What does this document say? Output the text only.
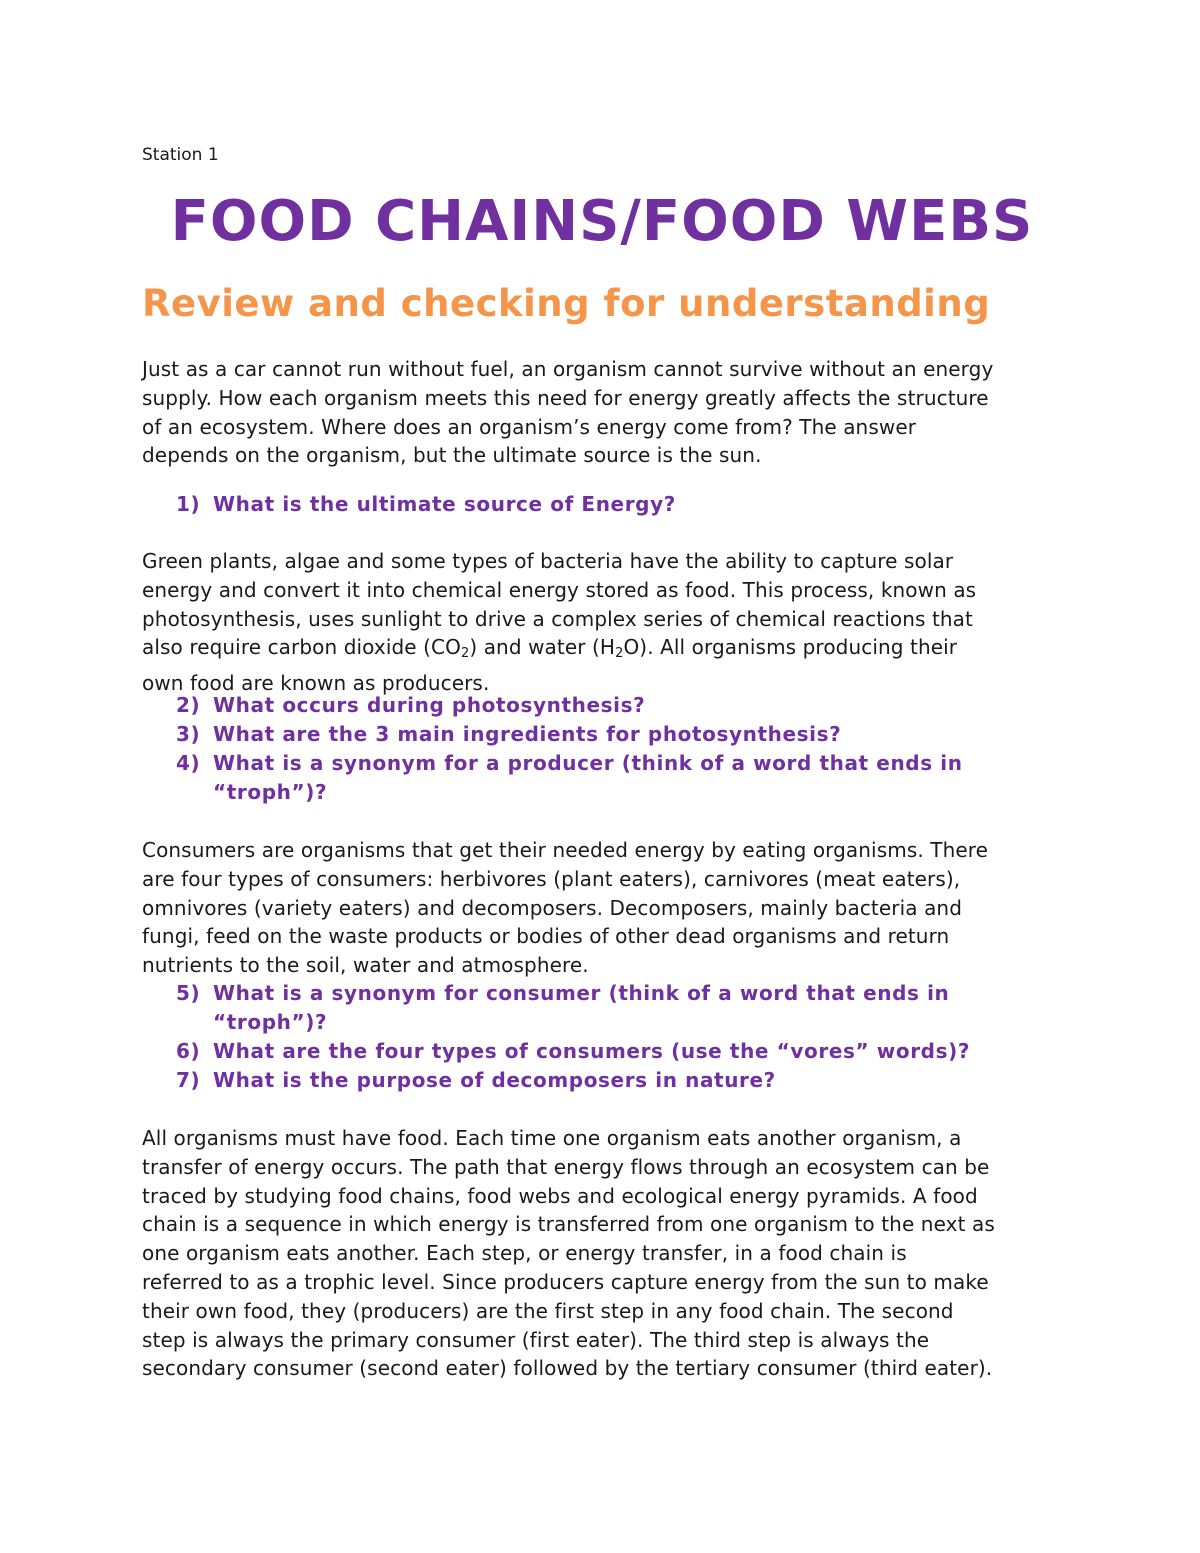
Station 1
FOOD CHAINS/FOOD WEBS
Review and checking for understanding
Just as a car cannot run without fuel, an organism cannot survive without an energy
supply. How each organism meets this need for energy greatly affects the structure
of an ecosystem. Where does an organism’s energy come from? The answer
depends on the organism, but the ultimate source is the sun.
1) What is the ultimate source of Energy?
Green plants, algae and some types of bacteria have the ability to capture solar
energy and convert it into chemical energy stored as food. This process, known as
photosynthesis, uses sunlight to drive a complex series of chemical reactions that
also require carbon dioxide $(CO_2)$ and water $(H_2O)$. All organisms producing their
own food are known as producers.
2) What occurs during photosynthesis?
3) What are the 3 main ingredients for photosynthesis?
4) What is a synonym for a producer (think of a word that ends in
“troph”)?
Consumers are organisms that get their needed energy by eating organisms. There
are four types of consumers: herbivores (plant eaters), carnivores (meat eaters),
omnivores (variety eaters) and decomposers. Decomposers, mainly bacteria and
fungi, feed on the waste products or bodies of other dead organisms and return
nutrients to the soil, water and atmosphere.
5) What is a synonym for consumer (think of a word that ends in
“troph”)?
6) What are the four types of consumers (use the “vores” words)?
7) What is the purpose of decomposers in nature?
All organisms must have food. Each time one organism eats another organism, a
transfer of energy occurs. The path that energy flows through an ecosystem can be
traced by studying food chains, food webs and ecological energy pyramids. A food
chain is a sequence in which energy is transferred from one organism to the next as
one organism eats another. Each step, or energy transfer, in a food chain is
referred to as a trophic level. Since producers capture energy from the sun to make
their own food, they (producers) are the first step in any food chain. The second
step is always the primary consumer (first eater). The third step is always the
secondary consumer (second eater) followed by the tertiary consumer (third eater).
